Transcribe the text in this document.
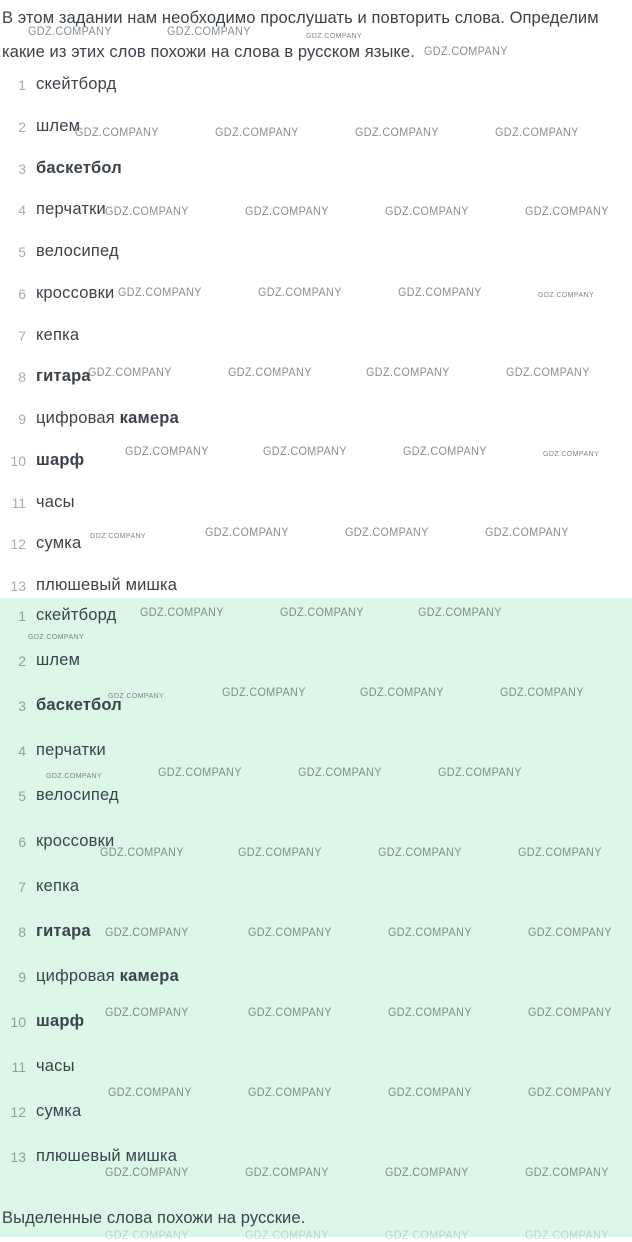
В этом задании нам необходимо прослушать и повторить слова. Определим
какие из этих слов похожи на слова в русском языке.
1 скейтборд
2 шлем
3 баскетбол
4 перчатки
5 велосипед
6 кроссовки
7 кепка
8 гитара
9 цифровая камера
10 шарф
11 часы
12 сумка
13 плюшевый мишка
1 скейтборд
2 шлем
3 баскетбол
4 перчатки
5 велосипед
6 кроссовки
7 кепка
8 гитара
9 цифровая камера
10 шарф
11 часы
12 сумка
13 плюшевый мишка
Выделенные слова похожи на русские.
GDZ.COMPANY	GDZ.COMPANY	GDZ.COMPANY
GDZ.COMPANY
GDZ.COMPANY	GDZ.COMPANY	GDZ.COMPANY	GDZ.COMPANY
GDZ.COMPANY	GDZ.COMPANY	GDZ.COMPANY	GDZ.COMPANY
GDZ.COMPANY	GDZ.COMPANY	GDZ.COMPANY	GDZ.COMPANY
GDZ.COMPANY	GDZ.COMPANY	GDZ.COMPANY	GDZ.COMPANY
GDZ.COMPANY	GDZ.COMPANY	GDZ.COMPANY	GDZ.COMPANY
GDZ.COMPANY	GDZ.COMPANY	GDZ.COMPANY	GDZ.COMPANY
GDZ.COMPANY	GDZ.COMPANY	GDZ.COMPANY
GDZ.COMPANY
GDZ.COMPANY	GDZ.COMPANY	GDZ.COMPANY	GDZ.COMPANY
GDZ.COMPANY	GDZ.COMPANY	GDZ.COMPANY	GDZ.COMPANY
GDZ.COMPANY	GDZ.COMPANY	GDZ.COMPANY	GDZ.COMPANY
GDZ.COMPANY	GDZ.COMPANY	GDZ.COMPANY	GDZ.COMPANY
GDZ.COMPANY	GDZ.COMPANY	GDZ.COMPANY	GDZ.COMPANY
GDZ.COMPANY	GDZ.COMPANY	GDZ.COMPANY	GDZ.COMPANY
GDZ.COMPANY	GDZ.COMPANY	GDZ.COMPANY	GDZ.COMPANY
GDZ.COMPANY	GDZ.COMPANY	GDZ.COMPANY	GDZ.COMPANY
